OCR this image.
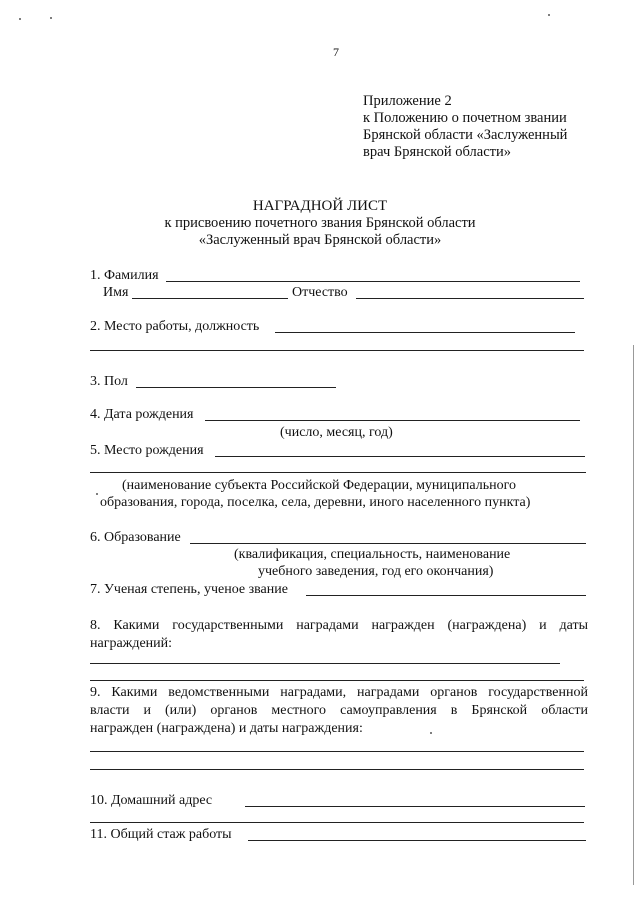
7
Приложение 2
к Положению о почетном звании
Брянской области «Заслуженный
врач Брянской области»
НАГРАДНОЙ ЛИСТ
к присвоению почетного звания Брянской области
«Заслуженный врач Брянской области»
1. Фамилия
Имя	Отчество
2. Место работы, должность
3. Пол
4. Дата рождения
(число, месяц, год)
5. Место рождения
(наименование субъекта Российской Федерации, муниципального
образования, города, поселка, села, деревни, иного населенного пункта)
6. Образование
(квалификация, специальность, наименование
учебного заведения, год его окончания)
7. Ученая степень, ученое звание
8. Какими государственными наградами награжден (награждена) и даты
награждений:
9. Какими ведомственными наградами, наградами органов государственной
власти и (или) органов местного самоуправления в Брянской области
награжден (награждена) и даты награждения:
10. Домашний адрес
11. Общий стаж работы
